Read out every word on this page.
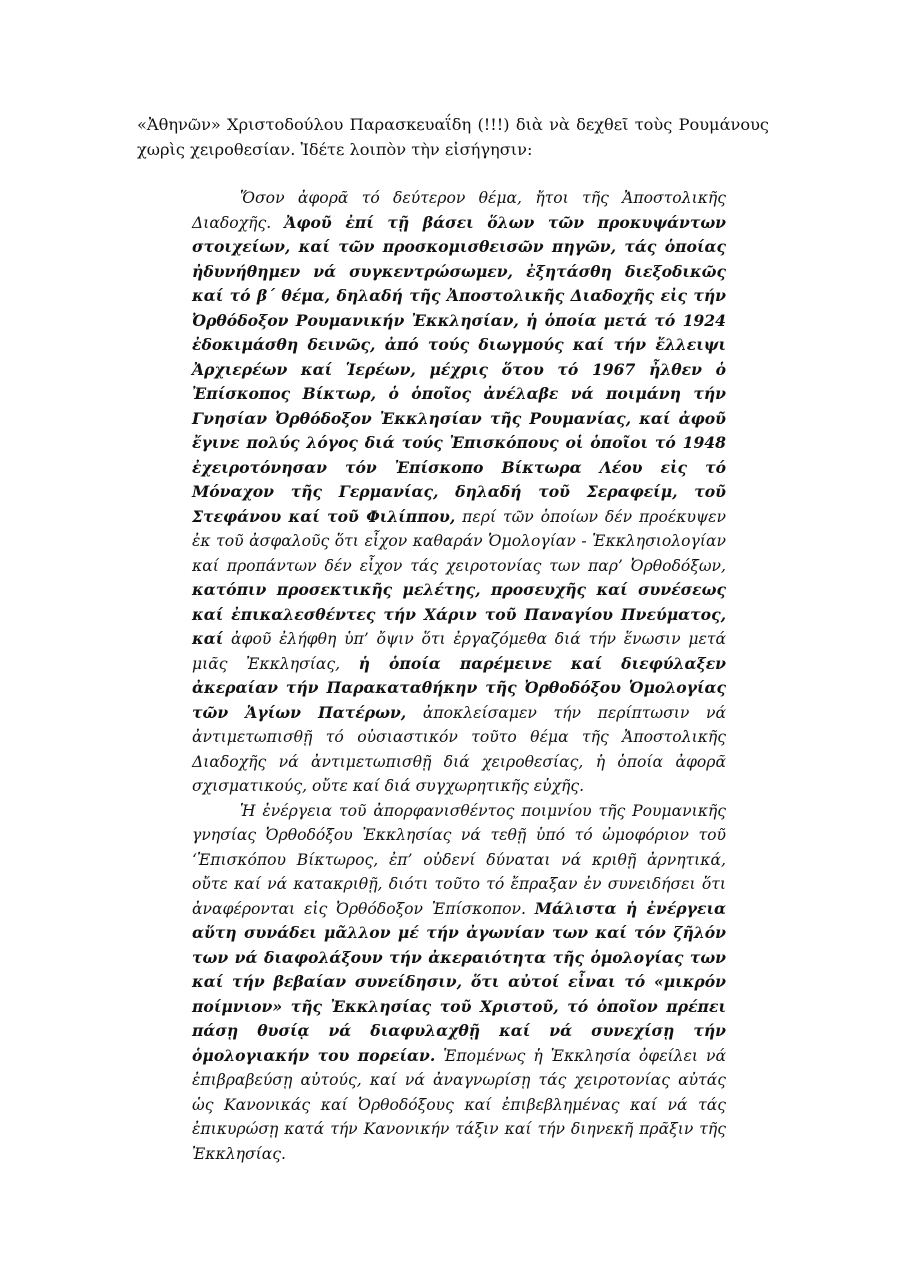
«Ἀθηνῶν» Χριστοδούλου Παρασκευαΐδη (!!!) διὰ νὰ δεχθεῖ τοὺς Ρουμάνους χωρὶς χειροθεσίαν. Ἰδέτε λοιπὸν τὴν εἰσήγησιν:

Ὅσον ἀφορᾶ τό δεύτερον θέμα, ἤτοι τῆς Ἀποστολικῆς Διαδοχῆς. Ἀφοῦ ἐπί τῇ βάσει ὅλων τῶν προκυψάντων στοιχείων, καί τῶν προσκομισθεισῶν πηγῶν, τάς ὁποίας ἠδυνήθημεν νά συγκεντρώσωμεν, ἐξητάσθη διεξοδικῶς καί τό β΄ θέμα, δηλαδή τῆς Ἀποστολικῆς Διαδοχῆς εἰς τήν Ὀρθόδοξον Ρουμανικήν Ἐκκλησίαν, ἡ ὁποία μετά τό 1924 ἐδοκιμάσθη δεινῶς, ἀπό τούς διωγμούς καί τήν ἔλλειψι Ἀρχιερέων καί Ἱερέων, μέχρις ὅτου τό 1967 ἦλθεν ὁ Ἐπίσκοπος Βίκτωρ, ὁ ὁποῖος ἀνέλαβε νά ποιμάνη τήν Γνησίαν Ὀρθόδοξον Ἐκκλησίαν τῆς Ρουμανίας, καί ἀφοῦ ἔγινε πολύς λόγος διά τούς Ἐπισκόπους οἱ ὁποῖοι τό 1948 ἐχειροτόνησαν τόν Ἐπίσκοπο Βίκτωρα Λέου εἰς τό Μόναχον τῆς Γερμανίας, δηλαδή τοῦ Σεραφείμ, τοῦ Στεφάνου καί τοῦ Φιλίππου, περί τῶν ὁποίων δέν προέκυψεν ἐκ τοῦ ἀσφαλοῦς ὅτι εἶχον καθαράν Ὁμολογίαν - Ἐκκλησιολογίαν καί προπάντων δέν εἶχον τάς χειροτονίας των παρ’ Ὀρθοδόξων, κατόπιν προσεκτικῆς μελέτης, προσευχῆς καί συνέσεως καί ἐπικαλεσθέντες τήν Χάριν τοῦ Παναγίου Πνεύματος, καί ἀφοῦ ἐλήφθη ὑπ’ ὄψιν ὅτι ἐργαζόμεθα διά τήν ἕνωσιν μετά μιᾶς Ἐκκλησίας, ἡ ὁποία παρέμεινε καί διεφύλαξεν ἀκεραίαν τήν Παρακαταθήκην τῆς Ὀρθοδόξου Ὁμολογίας τῶν Ἁγίων Πατέρων, ἀποκλείσαμεν τήν περίπτωσιν νά ἀντιμετωπισθῇ τό οὐσιαστικόν τοῦτο θέμα τῆς Ἀποστολικῆς Διαδοχῆς νά ἀντιμετωπισθῇ διά χειροθεσίας, ἡ ὁποία ἀφορᾶ σχισματικούς, οὔτε καί διά συγχωρητικῆς εὐχῆς.

Ἡ ἐνέργεια τοῦ ἀπορφανισθέντος ποιμνίου τῆς Ρουμανικῆς γνησίας Ὀρθοδόξου Ἐκκλησίας νά τεθῇ ὑπό τό ὠμοφόριον τοῦ ‘Ἐπισκόπου Βίκτωρος, ἐπ’ οὐδενί δύναται νά κριθῇ ἀρνητικά, οὔτε καί νά κατακριθῇ, διότι τοῦτο τό ἔπραξαν ἐν συνειδήσει ὅτι ἀναφέρονται εἰς Ὀρθόδοξον Ἐπίσκοπον. Μάλιστα ἡ ἐνέργεια αὕτη συνάδει μᾶλλον μέ τήν ἀγωνίαν των καί τόν ζῆλόν των νά διαφολάξουν τήν ἀκεραιότητα τῆς ὁμολογίας των καί τήν βεβαίαν συνείδησιν, ὅτι αὐτοί εἶναι τό «μικρόν ποίμνιον» τῆς Ἐκκλησίας τοῦ Χριστοῦ, τό ὁποῖον πρέπει πάσῃ θυσίᾳ νά διαφυλαχθῇ καί νά συνεχίσῃ τήν ὁμολογιακήν του πορείαν. Ἑπομένως ἡ Ἐκκλησία ὀφείλει νά ἐπιβραβεύσῃ αὐτούς, καί νά ἀναγνωρίσῃ τάς χειροτονίας αὐτάς ὡς Κανονικάς καί Ὀρθοδόξους καί ἐπιβεβλημένας καί νά τάς ἐπικυρώσῃ κατά τήν Κανονικήν τάξιν καί τήν διηνεκῆ πρᾶξιν τῆς Ἐκκλησίας.
